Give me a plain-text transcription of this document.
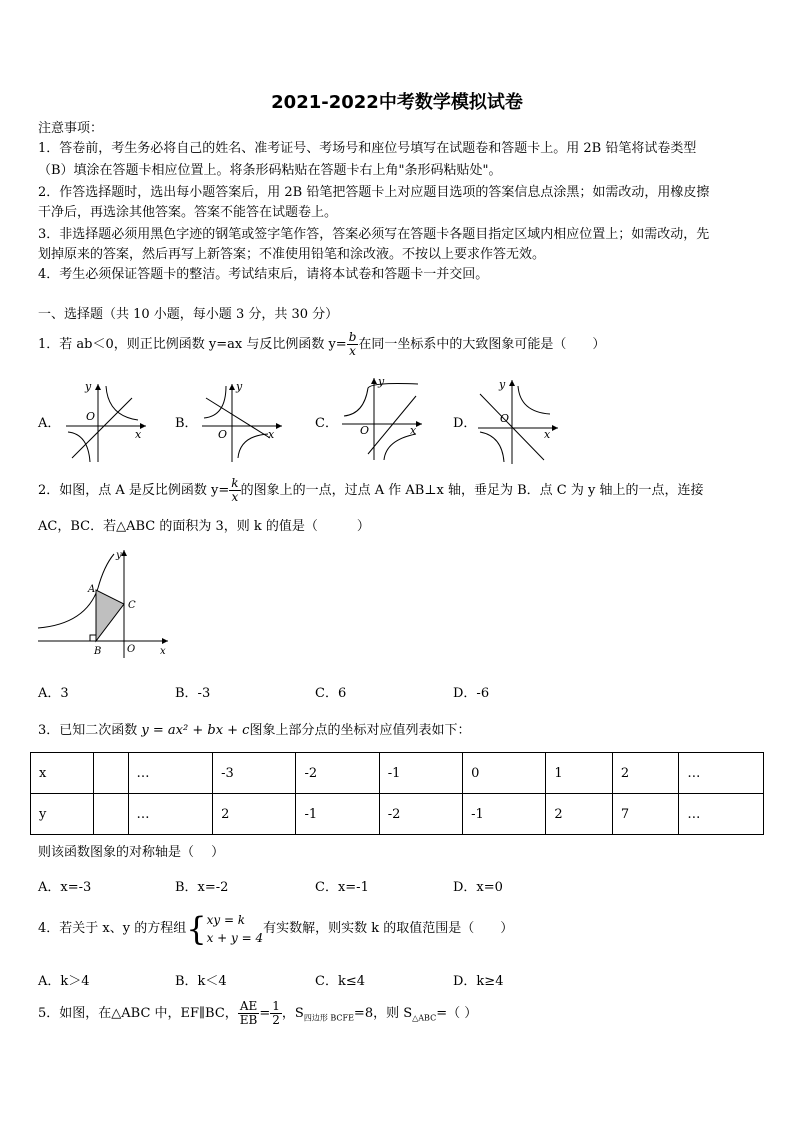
2021-2022中考数学模拟试卷
注意事项：
1．答卷前，考生务必将自己的姓名、准考证号、考场号和座位号填写在试题卷和答题卡上。用 2B 铅笔将试卷类型
（B）填涂在答题卡相应位置上。将条形码粘贴在答题卡右上角"条形码粘贴处"。
2．作答选择题时，选出每小题答案后，用 2B 铅笔把答题卡上对应题目选项的答案信息点涂黑；如需改动，用橡皮擦
干净后，再选涂其他答案。答案不能答在试题卷上。
3．非选择题必须用黑色字迹的钢笔或签字笔作答，答案必须写在答题卡各题目指定区域内相应位置上；如需改动，先
划掉原来的答案，然后再写上新答案；不准使用铅笔和涂改液。不按以上要求作答无效。
4．考生必须保证答题卡的整洁。考试结束后，请将本试卷和答题卡一并交回。
一、选择题（共 10 小题，每小题 3 分，共 30 分）
1．若 ab＜0，则正比例函数 y=ax 与反比例函数 $y= \frac{b}{x}$ 在同一坐标系中的大致图象可能是（　　）
A．	B．	C．	D．
y
O
x
y
O	x
y
O	x
y
O
x
2．如图，点 A 是反比例函数 $y= \frac{k}{x}$ 的图象上的一点，过点 A 作 AB⊥x 轴，垂足为 B．点 C 为 y 轴上的一点，连接
AC，BC．若△ABC 的面积为 3，则 k 的值是（　　　）
A
B
C
O x
y
A．3	B．-3	C．6	D．-6
3．已知二次函数 y = ax² + bx + c图象上部分点的坐标对应值列表如下：
x		…	-3	-2	-1	0	1	2	…
y		…	2	-1	-2	-1	2	7	…
则该函数图象的对称轴是（　 ）
A．x=-3	B．x=-2	C．x=-1	D．x=0
4．若关于 x、y 的方程组{ xy = k
x + y = 4
有实数解，则实数 k 的取值范围是（　　）
A．k＞4	B．k＜4	C．k≤4	D．k≥4
5．如图，在△ABC 中，EF∥BC， $\frac{AE}{EB} = \frac{1}{2}$ ，$S_{四边形 BCFE}=8$，则 $S_{\triangle ABC}=$（ ）
